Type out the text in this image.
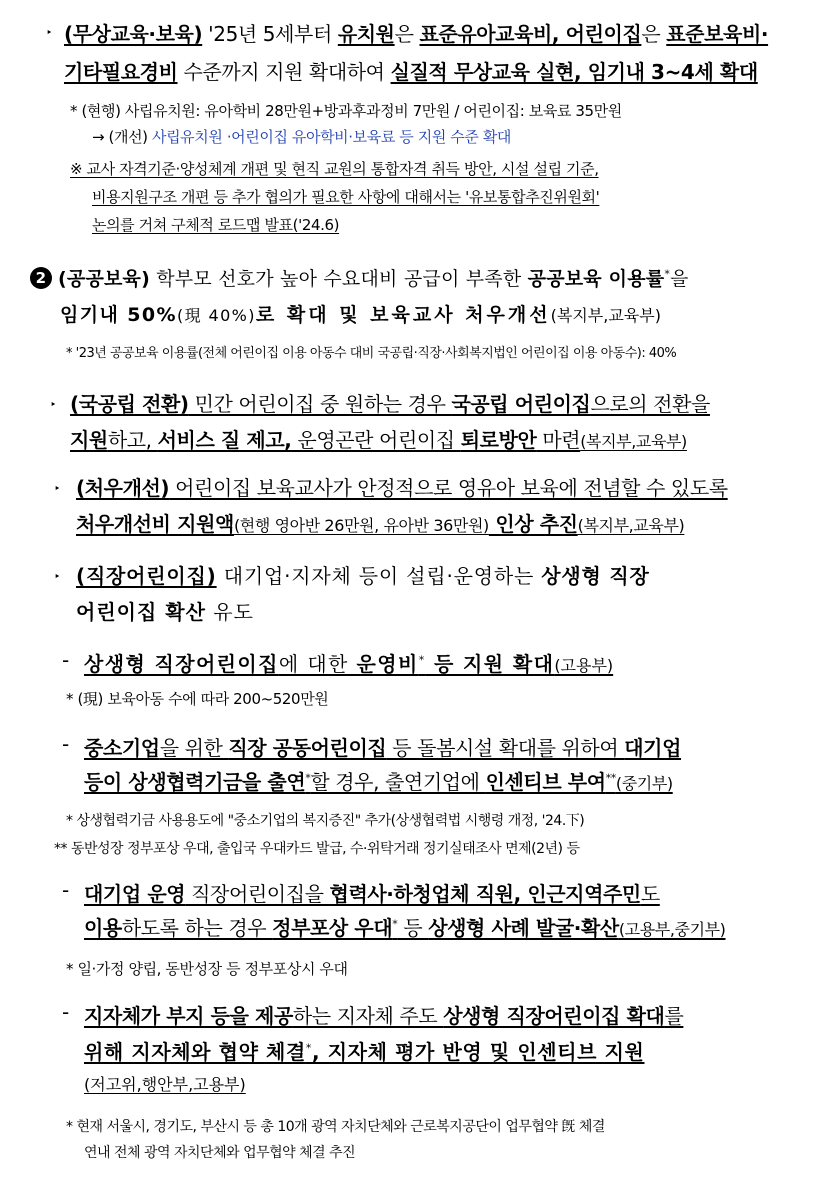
‣ (무상교육·보육) '25년 5세부터 유치원은 표준유아교육비, 어린이집은 표준보육비·
기타필요경비 수준까지 지원 확대하여 실질적 무상교육 실현, 임기내 3~4세 확대
* (현행) 사립유치원: 유아학비 28만원+방과후과정비 7만원 / 어린이집: 보육료 35만원
→ (개선) 사립유치원 ·어린이집 유아학비·보육료 등 지원 수준 확대
※ 교사 자격기준·양성체계 개편 및 현직 교원의 통합자격 취득 방안, 시설 설립 기준,
비용지원구조 개편 등 추가 협의가 필요한 사항에 대해서는 '유보통합추진위원회'
논의를 거쳐 구체적 로드맵 발표('24.6)
2 (공공보육) 학부모 선호가 높아 수요대비 공급이 부족한 공공보육 이용률*을
임기내 50%(現 40%)로 확대 및 보육교사 처우개선(복지부,교육부)
* '23년 공공보육 이용률(전체 어린이집 이용 아동수 대비 국공립·직장·사회복지법인 어린이집 이용 아동수): 40%
‣ (국공립 전환) 민간 어린이집 중 원하는 경우 국공립 어린이집으로의 전환을
지원하고, 서비스 질 제고, 운영곤란 어린이집 퇴로방안 마련(복지부,교육부)
‣ (처우개선) 어린이집 보육교사가 안정적으로 영유아 보육에 전념할 수 있도록
처우개선비 지원액(현행 영아반 26만원, 유아반 36만원) 인상 추진(복지부,교육부)
‣ (직장어린이집) 대기업·지자체 등이 설립·운영하는 상생형 직장
어린이집 확산 유도
- 상생형 직장어린이집에 대한 운영비* 등 지원 확대(고용부)
* (現) 보육아동 수에 따라 200~520만원
- 중소기업을 위한 직장 공동어린이집 등 돌봄시설 확대를 위하여 대기업
등이 상생협력기금을 출연*할 경우, 출연기업에 인센티브 부여**(중기부)
* 상생협력기금 사용용도에 "중소기업의 복지증진" 추가(상생협력법 시행령 개정, '24.下)
** 동반성장 정부포상 우대, 출입국 우대카드 발급, 수·위탁거래 정기실태조사 면제(2년) 등
- 대기업 운영 직장어린이집을 협력사·하청업체 직원, 인근지역주민도
이용하도록 하는 경우 정부포상 우대* 등 상생형 사례 발굴·확산(고용부,중기부)
* 일·가정 양립, 동반성장 등 정부포상시 우대
- 지자체가 부지 등을 제공하는 지자체 주도 상생형 직장어린이집 확대를
위해 지자체와 협약 체결*, 지자체 평가 반영 및 인센티브 지원
(저고위,행안부,고용부)
* 현재 서울시, 경기도, 부산시 등 총 10개 광역 자치단체와 근로복지공단이 업무협약 旣 체결
연내 전체 광역 자치단체와 업무협약 체결 추진
